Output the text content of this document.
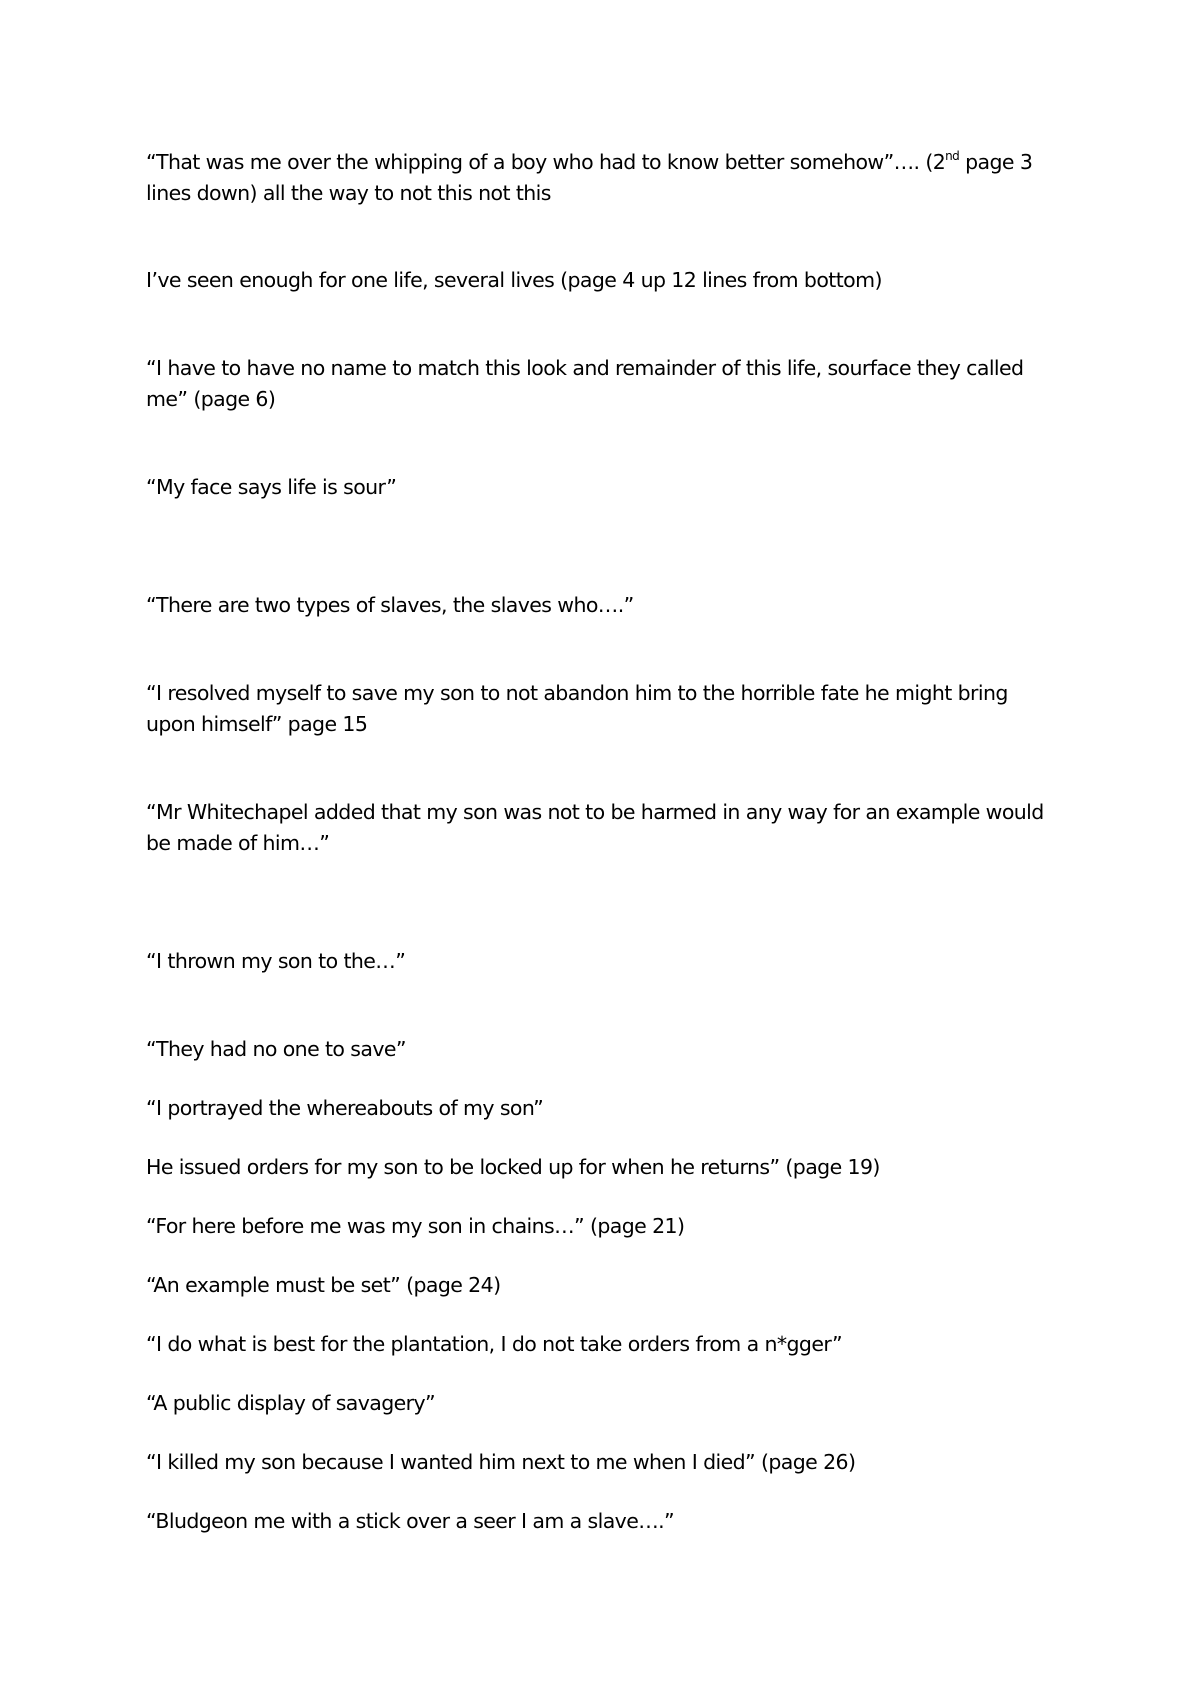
“That was me over the whipping of a boy who had to know better somehow”…. (2nd page 3
lines down) all the way to not this not this

I’ve seen enough for one life, several lives (page 4 up 12 lines from bottom)

“I have to have no name to match this look and remainder of this life, sourface they called
me” (page 6)

“My face says life is sour”

“There are two types of slaves, the slaves who….”

“I resolved myself to save my son to not abandon him to the horrible fate he might bring
upon himself” page 15

“Mr Whitechapel added that my son was not to be harmed in any way for an example would
be made of him…”

“I thrown my son to the…”

“They had no one to save”

“I portrayed the whereabouts of my son”

He issued orders for my son to be locked up for when he returns” (page 19)

“For here before me was my son in chains…” (page 21)

“An example must be set” (page 24)

“I do what is best for the plantation, I do not take orders from a n*gger”

“A public display of savagery”

“I killed my son because I wanted him next to me when I died” (page 26)

“Bludgeon me with a stick over a seer I am a slave….”
